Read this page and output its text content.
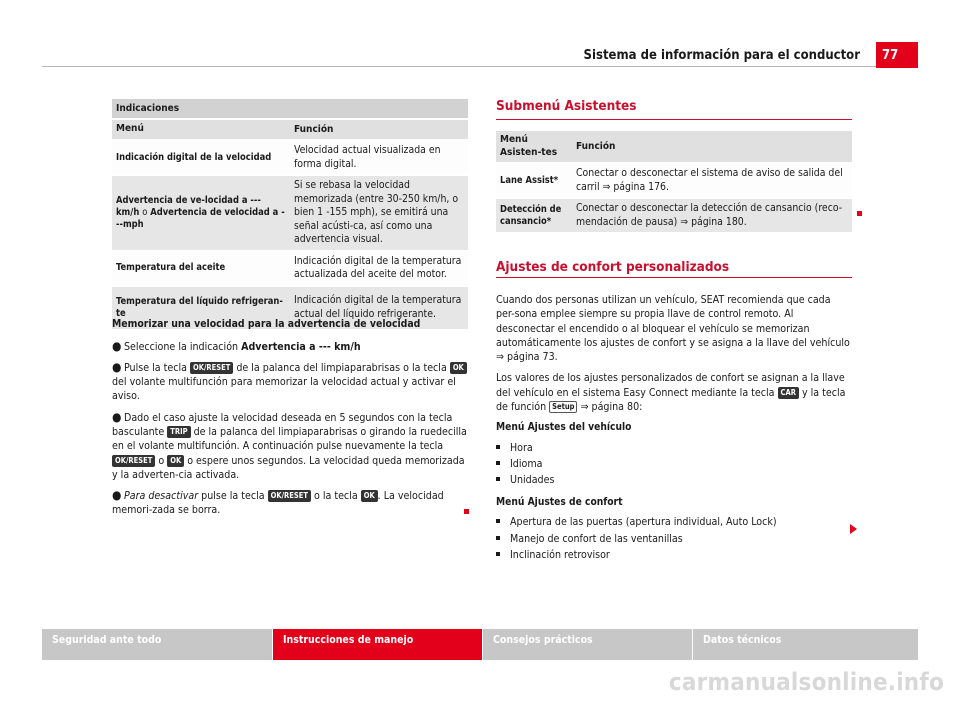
Sistema de información para el conductor	77
Indicaciones	

Menú	Función

Indicación digital de la velocidad	Velocidad actual visualizada en forma digital.

Advertencia de ve-locidad a --- km/h o Advertencia de velocidad a ---mph	Si se rebasa la velocidad memorizada (entre 30-250 km/h, o bien 1 -155 mph), se emitirá una señal acústi-ca, así como una advertencia visual.

Temperatura del aceite	Indicación digital de la temperatura actualizada del aceite del motor.

Temperatura del líquido refrigeran-te	Indicación digital de la temperatura actual del líquido refrigerante.
Memorizar una velocidad para la advertencia de velocidad

● Seleccione la indicación Advertencia a --- km/h

● Pulse la tecla OK/RESET de la palanca del limpiaparabrisas o la tecla OK del volante multifunción para memorizar la velocidad actual y activar el aviso.

● Dado el caso ajuste la velocidad deseada en 5 segundos con la tecla basculante TRIP de la palanca del limpiaparabrisas o girando la ruedecilla en el volante multifunción. A continuación pulse nuevamente la tecla OK/RESET o OK o espere unos segundos. La velocidad queda memorizada y la adverten-cia activada.

● Para desactivar pulse la tecla OK/RESET o la tecla OK . La velocidad memori-zada se borra.

Submenú Asistentes
Menú Asisten-tes	Función

Lane Assist*	Conectar o desconectar el sistema de aviso de salida del carril ⇒ página 176.

Detección de cansancio*	Conectar o desconectar la detección de cansancio (reco-mendación de pausa) ⇒ página 180.
Ajustes de confort personalizados

Cuando dos personas utilizan un vehículo, SEAT recomienda que cada per-sona emplee siempre su propia llave de control remoto. Al desconectar el encendido o al bloquear el vehículo se memorizan automáticamente los ajustes de confort y se asigna a la llave del vehículo ⇒ página 73.

Los valores de los ajustes personalizados de confort se asignan a la llave del vehículo en el sistema Easy Connect mediante la tecla CAR y la tecla de función Setup ⇒ página 80:

Menú Ajustes del vehículo
Hora
Idioma
Unidades
Menú Ajustes de confort
Apertura de las puertas (apertura individual, Auto Lock)
Manejo de confort de las ventanillas
Inclinación retrovisor
Seguridad ante todo	Instrucciones de manejo	Consejos prácticos	Datos técnicos
carmanualsonline.info
